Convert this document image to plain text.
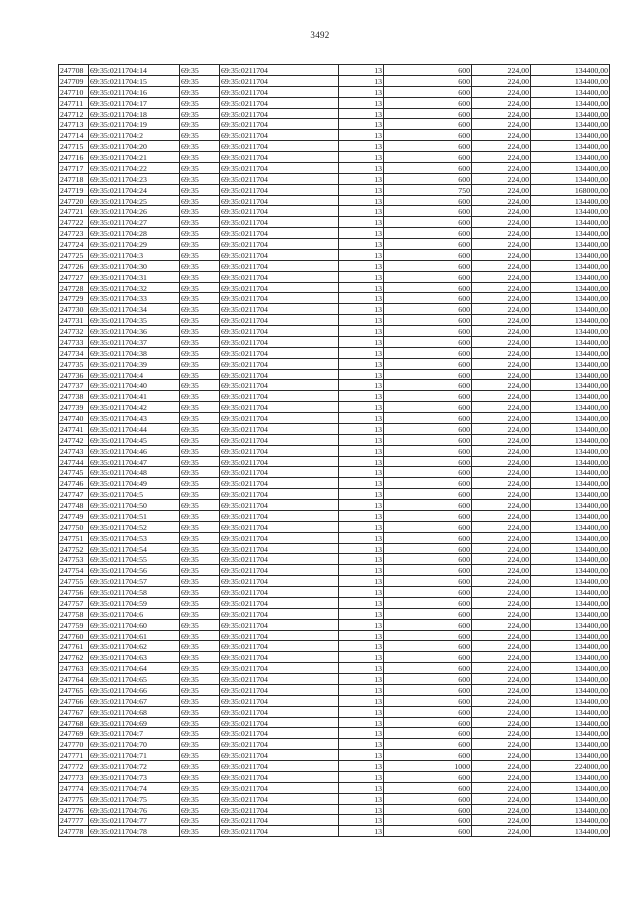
3492
247708	69:35:0211704:14	69:35	69:35:0211704	13	600	224,00	134400,00
247709	69:35:0211704:15	69:35	69:35:0211704	13	600	224,00	134400,00
247710	69:35:0211704:16	69:35	69:35:0211704	13	600	224,00	134400,00
247711	69:35:0211704:17	69:35	69:35:0211704	13	600	224,00	134400,00
247712	69:35:0211704:18	69:35	69:35:0211704	13	600	224,00	134400,00
247713	69:35:0211704:19	69:35	69:35:0211704	13	600	224,00	134400,00
247714	69:35:0211704:2	69:35	69:35:0211704	13	600	224,00	134400,00
247715	69:35:0211704:20	69:35	69:35:0211704	13	600	224,00	134400,00
247716	69:35:0211704:21	69:35	69:35:0211704	13	600	224,00	134400,00
247717	69:35:0211704:22	69:35	69:35:0211704	13	600	224,00	134400,00
247718	69:35:0211704:23	69:35	69:35:0211704	13	600	224,00	134400,00
247719	69:35:0211704:24	69:35	69:35:0211704	13	750	224,00	168000,00
247720	69:35:0211704:25	69:35	69:35:0211704	13	600	224,00	134400,00
247721	69:35:0211704:26	69:35	69:35:0211704	13	600	224,00	134400,00
247722	69:35:0211704:27	69:35	69:35:0211704	13	600	224,00	134400,00
247723	69:35:0211704:28	69:35	69:35:0211704	13	600	224,00	134400,00
247724	69:35:0211704:29	69:35	69:35:0211704	13	600	224,00	134400,00
247725	69:35:0211704:3	69:35	69:35:0211704	13	600	224,00	134400,00
247726	69:35:0211704:30	69:35	69:35:0211704	13	600	224,00	134400,00
247727	69:35:0211704:31	69:35	69:35:0211704	13	600	224,00	134400,00
247728	69:35:0211704:32	69:35	69:35:0211704	13	600	224,00	134400,00
247729	69:35:0211704:33	69:35	69:35:0211704	13	600	224,00	134400,00
247730	69:35:0211704:34	69:35	69:35:0211704	13	600	224,00	134400,00
247731	69:35:0211704:35	69:35	69:35:0211704	13	600	224,00	134400,00
247732	69:35:0211704:36	69:35	69:35:0211704	13	600	224,00	134400,00
247733	69:35:0211704:37	69:35	69:35:0211704	13	600	224,00	134400,00
247734	69:35:0211704:38	69:35	69:35:0211704	13	600	224,00	134400,00
247735	69:35:0211704:39	69:35	69:35:0211704	13	600	224,00	134400,00
247736	69:35:0211704:4	69:35	69:35:0211704	13	600	224,00	134400,00
247737	69:35:0211704:40	69:35	69:35:0211704	13	600	224,00	134400,00
247738	69:35:0211704:41	69:35	69:35:0211704	13	600	224,00	134400,00
247739	69:35:0211704:42	69:35	69:35:0211704	13	600	224,00	134400,00
247740	69:35:0211704:43	69:35	69:35:0211704	13	600	224,00	134400,00
247741	69:35:0211704:44	69:35	69:35:0211704	13	600	224,00	134400,00
247742	69:35:0211704:45	69:35	69:35:0211704	13	600	224,00	134400,00
247743	69:35:0211704:46	69:35	69:35:0211704	13	600	224,00	134400,00
247744	69:35:0211704:47	69:35	69:35:0211704	13	600	224,00	134400,00
247745	69:35:0211704:48	69:35	69:35:0211704	13	600	224,00	134400,00
247746	69:35:0211704:49	69:35	69:35:0211704	13	600	224,00	134400,00
247747	69:35:0211704:5	69:35	69:35:0211704	13	600	224,00	134400,00
247748	69:35:0211704:50	69:35	69:35:0211704	13	600	224,00	134400,00
247749	69:35:0211704:51	69:35	69:35:0211704	13	600	224,00	134400,00
247750	69:35:0211704:52	69:35	69:35:0211704	13	600	224,00	134400,00
247751	69:35:0211704:53	69:35	69:35:0211704	13	600	224,00	134400,00
247752	69:35:0211704:54	69:35	69:35:0211704	13	600	224,00	134400,00
247753	69:35:0211704:55	69:35	69:35:0211704	13	600	224,00	134400,00
247754	69:35:0211704:56	69:35	69:35:0211704	13	600	224,00	134400,00
247755	69:35:0211704:57	69:35	69:35:0211704	13	600	224,00	134400,00
247756	69:35:0211704:58	69:35	69:35:0211704	13	600	224,00	134400,00
247757	69:35:0211704:59	69:35	69:35:0211704	13	600	224,00	134400,00
247758	69:35:0211704:6	69:35	69:35:0211704	13	600	224,00	134400,00
247759	69:35:0211704:60	69:35	69:35:0211704	13	600	224,00	134400,00
247760	69:35:0211704:61	69:35	69:35:0211704	13	600	224,00	134400,00
247761	69:35:0211704:62	69:35	69:35:0211704	13	600	224,00	134400,00
247762	69:35:0211704:63	69:35	69:35:0211704	13	600	224,00	134400,00
247763	69:35:0211704:64	69:35	69:35:0211704	13	600	224,00	134400,00
247764	69:35:0211704:65	69:35	69:35:0211704	13	600	224,00	134400,00
247765	69:35:0211704:66	69:35	69:35:0211704	13	600	224,00	134400,00
247766	69:35:0211704:67	69:35	69:35:0211704	13	600	224,00	134400,00
247767	69:35:0211704:68	69:35	69:35:0211704	13	600	224,00	134400,00
247768	69:35:0211704:69	69:35	69:35:0211704	13	600	224,00	134400,00
247769	69:35:0211704:7	69:35	69:35:0211704	13	600	224,00	134400,00
247770	69:35:0211704:70	69:35	69:35:0211704	13	600	224,00	134400,00
247771	69:35:0211704:71	69:35	69:35:0211704	13	600	224,00	134400,00
247772	69:35:0211704:72	69:35	69:35:0211704	13	1000	224,00	224000,00
247773	69:35:0211704:73	69:35	69:35:0211704	13	600	224,00	134400,00
247774	69:35:0211704:74	69:35	69:35:0211704	13	600	224,00	134400,00
247775	69:35:0211704:75	69:35	69:35:0211704	13	600	224,00	134400,00
247776	69:35:0211704:76	69:35	69:35:0211704	13	600	224,00	134400,00
247777	69:35:0211704:77	69:35	69:35:0211704	13	600	224,00	134400,00
247778	69:35:0211704:78	69:35	69:35:0211704	13	600	224,00	134400,00
